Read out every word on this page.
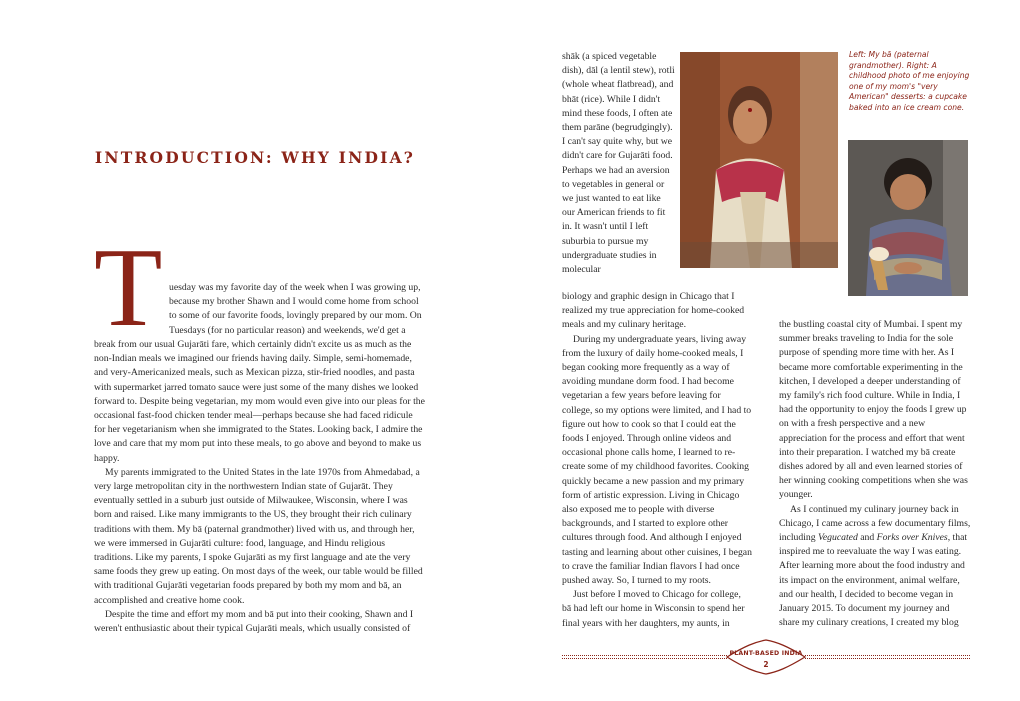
INTRODUCTION: WHY INDIA?
T uesday was my favorite day of the week when I was growing up,
because my brother Shawn and I would come home from school
to some of our favorite foods, lovingly prepared by our mom. On
Tuesdays (for no particular reason) and weekends, we'd get a

break from our usual Gujarāti fare, which certainly didn't excite us as much as the non-Indian meals we imagined our friends having daily. Simple, semi-homemade, and very-Americanized meals, such as Mexican pizza, stir-fried noodles, and pasta with supermarket jarred tomato sauce were just some of the many dishes we looked forward to. Despite being vegetarian, my mom would even give into our pleas for the occasional fast-food chicken tender meal—perhaps because she had faced ridicule for her vegetarianism when she immigrated to the States. Looking back, I admire the love and care that my mom put into these meals, to go above and beyond to make us happy.

My parents immigrated to the United States in the late 1970s from Ahmedabad, a very large metropolitan city in the northwestern Indian state of Gujarāt. They eventually settled in a suburb just outside of Milwaukee, Wisconsin, where I was born and raised. Like many immigrants to the US, they brought their rich culinary traditions with them. My bā (paternal grandmother) lived with us, and through her, we were immersed in Gujarāti culture: food, language, and Hindu religious traditions. Like my parents, I spoke Gujarāti as my first language and ate the very same foods they grew up eating. On most days of the week, our table would be filled with traditional Gujarāti vegetarian foods prepared by both my mom and bā, an accomplished and creative home cook.

Despite the time and effort my mom and bā put into their cooking, Shawn and I weren't enthusiastic about their typical Gujarāti meals, which usually consisted of

shāk (a spiced vegetable dish), dāl (a lentil stew), rotli (whole wheat flatbread), and bhāt (rice). While I didn't mind these foods, I often ate them parāne (begrudgingly). I can't say quite why, but we didn't care for Gujarāti food. Perhaps we had an aversion to vegetables in general or we just wanted to eat like our American friends to fit in. It wasn't until I left suburbia to pursue my undergraduate studies in molecular

biology and graphic design in Chicago that I realized my true appreciation for home-cooked meals and my culinary heritage.

During my undergraduate years, living away from the luxury of daily home-cooked meals, I began cooking more frequently as a way of avoiding mundane dorm food. I had become vegetarian a few years before leaving for college, so my options were limited, and I had to figure out how to cook so that I could eat the foods I enjoyed. Through online videos and occasional phone calls home, I learned to re-create some of my childhood favorites. Cooking quickly became a new passion and my primary form of artistic expression. Living in Chicago also exposed me to people with diverse backgrounds, and I started to explore other cultures through food. And although I enjoyed tasting and learning about other cuisines, I began to crave the familiar Indian flavors I had once pushed away. So, I turned to my roots.

Just before I moved to Chicago for college, bā had left our home in Wisconsin to spend her final years with her daughters, my aunts, in

the bustling coastal city of Mumbai. I spent my summer breaks traveling to India for the sole purpose of spending more time with her. As I became more comfortable experimenting in the kitchen, I developed a deeper understanding of my family's rich food culture. While in India, I had the opportunity to enjoy the foods I grew up on with a fresh perspective and a new appreciation for the process and effort that went into their preparation. I watched my bā create dishes adored by all and even learned stories of her winning cooking competitions when she was younger.

As I continued my culinary journey back in Chicago, I came across a few documentary films, including Vegucated and Forks over Knives, that inspired me to reevaluate the way I was eating. After learning more about the food industry and its impact on the environment, animal welfare, and our health, I decided to become vegan in January 2015. To document my journey and share my culinary creations, I created my blog

Left: My bā (paternal grandmother). Right: A childhood photo of me enjoying one of my mom's "very American" desserts: a cupcake baked into an ice cream cone.
PLANT-BASED INDIA
2
